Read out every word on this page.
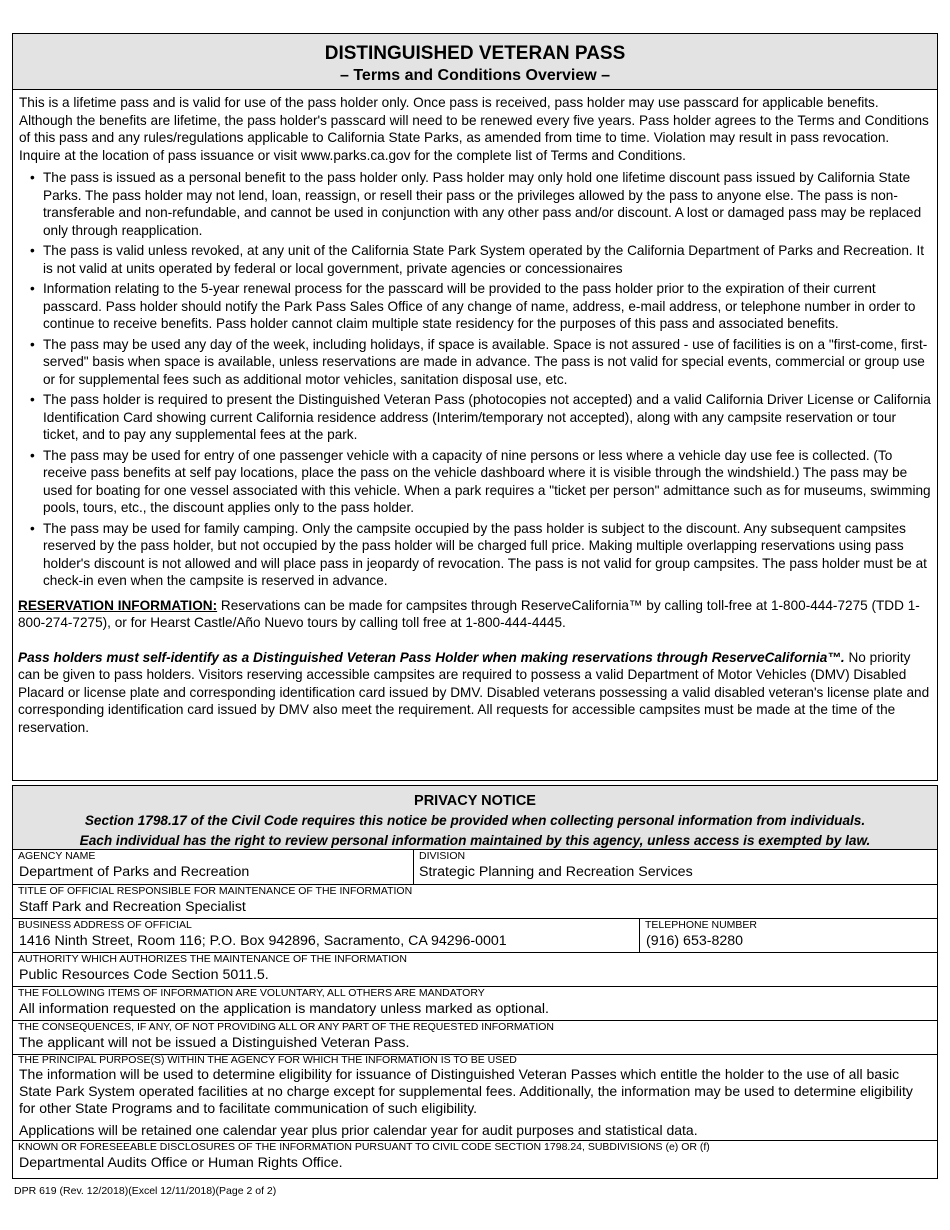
DISTINGUISHED VETERAN PASS
– Terms and Conditions Overview –
This is a lifetime pass and is valid for use of the pass holder only. Once pass is received, pass holder may use passcard for applicable benefits. Although the benefits are lifetime, the pass holder's passcard will need to be renewed every five years. Pass holder agrees to the Terms and Conditions of this pass and any rules/regulations applicable to California State Parks, as amended from time to time. Violation may result in pass revocation. Inquire at the location of pass issuance or visit www.parks.ca.gov for the complete list of Terms and Conditions.
• The pass is issued as a personal benefit to the pass holder only. Pass holder may only hold one lifetime discount pass issued by California State Parks. The pass holder may not lend, loan, reassign, or resell their pass or the privileges allowed by the pass to anyone else. The pass is non-transferable and non-refundable, and cannot be used in conjunction with any other pass and/or discount. A lost or damaged pass may be replaced only through reapplication.
• The pass is valid unless revoked, at any unit of the California State Park System operated by the California Department of Parks and Recreation. It is not valid at units operated by federal or local government, private agencies or concessionaires
• Information relating to the 5-year renewal process for the passcard will be provided to the pass holder prior to the expiration of their current passcard. Pass holder should notify the Park Pass Sales Office of any change of name, address, e-mail address, or telephone number in order to continue to receive benefits. Pass holder cannot claim multiple state residency for the purposes of this pass and associated benefits.
• The pass may be used any day of the week, including holidays, if space is available. Space is not assured - use of facilities is on a "first-come, first-served" basis when space is available, unless reservations are made in advance. The pass is not valid for special events, commercial or group use or for supplemental fees such as additional motor vehicles, sanitation disposal use, etc.
• The pass holder is required to present the Distinguished Veteran Pass (photocopies not accepted) and a valid California Driver License or California Identification Card showing current California residence address (Interim/temporary not accepted), along with any campsite reservation or tour ticket, and to pay any supplemental fees at the park.
• The pass may be used for entry of one passenger vehicle with a capacity of nine persons or less where a vehicle day use fee is collected. (To receive pass benefits at self pay locations, place the pass on the vehicle dashboard where it is visible through the windshield.) The pass may be used for boating for one vessel associated with this vehicle. When a park requires a "ticket per person" admittance such as for museums, swimming pools, tours, etc., the discount applies only to the pass holder.
• The pass may be used for family camping. Only the campsite occupied by the pass holder is subject to the discount. Any subsequent campsites reserved by the pass holder, but not occupied by the pass holder will be charged full price. Making multiple overlapping reservations using pass holder's discount is not allowed and will place pass in jeopardy of revocation. The pass is not valid for group campsites. The pass holder must be at check-in even when the campsite is reserved in advance.
RESERVATION INFORMATION: Reservations can be made for campsites through ReserveCalifornia™ by calling toll-free at 1-800-444-7275 (TDD 1-800-274-7275), or for Hearst Castle/Año Nuevo tours by calling toll free at 1-800-444-4445.
Pass holders must self-identify as a Distinguished Veteran Pass Holder when making reservations through ReserveCalifornia™. No priority can be given to pass holders. Visitors reserving accessible campsites are required to possess a valid Department of Motor Vehicles (DMV) Disabled Placard or license plate and corresponding identification card issued by DMV. Disabled veterans possessing a valid disabled veteran's license plate and corresponding identification card issued by DMV also meet the requirement. All requests for accessible campsites must be made at the time of the reservation.
PRIVACY NOTICE
Section 1798.17 of the Civil Code requires this notice be provided when collecting personal information from individuals.
Each individual has the right to review personal information maintained by this agency, unless access is exempted by law.
AGENCY NAME
Department of Parks and Recreation
DIVISION
Strategic Planning and Recreation Services
TITLE OF OFFICIAL RESPONSIBLE FOR MAINTENANCE OF THE INFORMATION
Staff Park and Recreation Specialist
BUSINESS ADDRESS OF OFFICIAL
1416 Ninth Street, Room 116; P.O. Box 942896, Sacramento, CA 94296-0001
TELEPHONE NUMBER
(916) 653-8280
AUTHORITY WHICH AUTHORIZES THE MAINTENANCE OF THE INFORMATION
Public Resources Code Section 5011.5.
THE FOLLOWING ITEMS OF INFORMATION ARE VOLUNTARY, ALL OTHERS ARE MANDATORY
All information requested on the application is mandatory unless marked as optional.
THE CONSEQUENCES, IF ANY, OF NOT PROVIDING ALL OR ANY PART OF THE REQUESTED INFORMATION
The applicant will not be issued a Distinguished Veteran Pass.
THE PRINCIPAL PURPOSE(S) WITHIN THE AGENCY FOR WHICH THE INFORMATION IS TO BE USED
The information will be used to determine eligibility for issuance of Distinguished Veteran Passes which entitle the holder to the use of all basic State Park System operated facilities at no charge except for supplemental fees. Additionally, the information may be used to determine eligibility for other State Programs and to facilitate communication of such eligibility.
Applications will be retained one calendar year plus prior calendar year for audit purposes and statistical data.
KNOWN OR FORESEEABLE DISCLOSURES OF THE INFORMATION PURSUANT TO CIVIL CODE SECTION 1798.24, SUBDIVISIONS (e) OR (f)
Departmental Audits Office or Human Rights Office.
DPR 619 (Rev. 12/2018)(Excel 12/11/2018)(Page 2 of 2)
